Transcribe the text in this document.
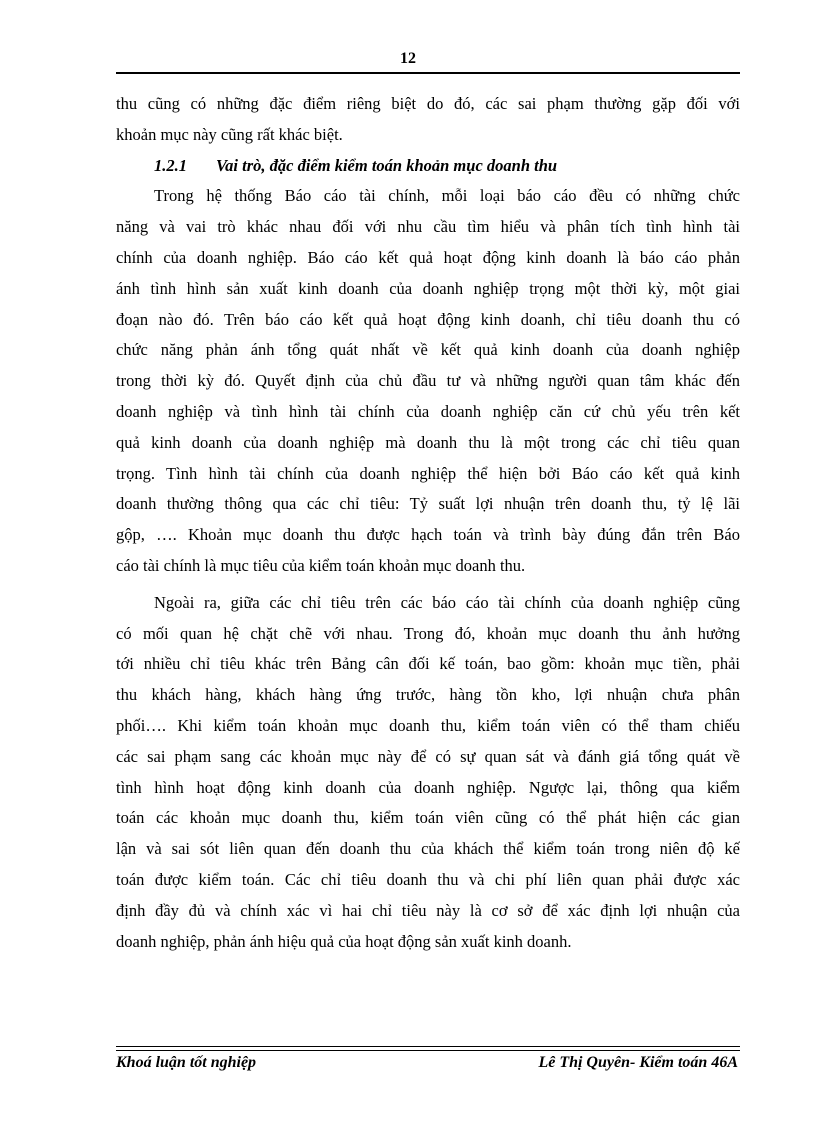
12
thu cũng có những đặc điểm riêng biệt do đó, các sai phạm thường gặp đối với
khoản mục này cũng rất khác biệt.
1.2.1 Vai trò, đặc điểm kiểm toán khoản mục doanh thu
Trong hệ thống Báo cáo tài chính, mỗi loại báo cáo đều có những chức
năng và vai trò khác nhau đối với nhu cầu tìm hiểu và phân tích tình hình tài
chính của doanh nghiệp. Báo cáo kết quả hoạt động kinh doanh là báo cáo phản
ánh tình hình sản xuất kinh doanh của doanh nghiệp trọng một thời kỳ, một giai
đoạn nào đó. Trên báo cáo kết quả hoạt động kinh doanh, chỉ tiêu doanh thu có
chức năng phản ánh tổng quát nhất về kết quả kinh doanh của doanh nghiệp
trong thời kỳ đó. Quyết định của chủ đầu tư và những người quan tâm khác đến
doanh nghiệp và tình hình tài chính của doanh nghiệp căn cứ chủ yếu trên kết
quả kinh doanh của doanh nghiệp mà doanh thu là một trong các chỉ tiêu quan
trọng. Tình hình tài chính của doanh nghiệp thể hiện bởi Báo cáo kết quả kinh
doanh thường thông qua các chỉ tiêu: Tỷ suất lợi nhuận trên doanh thu, tỷ lệ lãi
gộp, …. Khoản mục doanh thu được hạch toán và trình bày đúng đắn trên Báo
cáo tài chính là mục tiêu của kiểm toán khoản mục doanh thu.
Ngoài ra, giữa các chỉ tiêu trên các báo cáo tài chính của doanh nghiệp cũng
có mối quan hệ chặt chẽ với nhau. Trong đó, khoản mục doanh thu ảnh hưởng
tới nhiều chỉ tiêu khác trên Bảng cân đối kế toán, bao gồm: khoản mục tiền, phải
thu khách hàng, khách hàng ứng trước, hàng tồn kho, lợi nhuận chưa phân
phối…. Khi kiểm toán khoản mục doanh thu, kiểm toán viên có thể tham chiếu
các sai phạm sang các khoản mục này để có sự quan sát và đánh giá tổng quát về
tình hình hoạt động kinh doanh của doanh nghiệp. Ngược lại, thông qua kiểm
toán các khoản mục doanh thu, kiểm toán viên cũng có thể phát hiện các gian
lận và sai sót liên quan đến doanh thu của khách thể kiểm toán trong niên độ kế
toán được kiểm toán. Các chỉ tiêu doanh thu và chi phí liên quan phải được xác
định đầy đủ và chính xác vì hai chỉ tiêu này là cơ sở để xác định lợi nhuận của
doanh nghiệp, phản ánh hiệu quả của hoạt động sản xuất kinh doanh.
Khoá luận tốt nghiệp	Lê Thị Quyên- Kiểm toán 46A
